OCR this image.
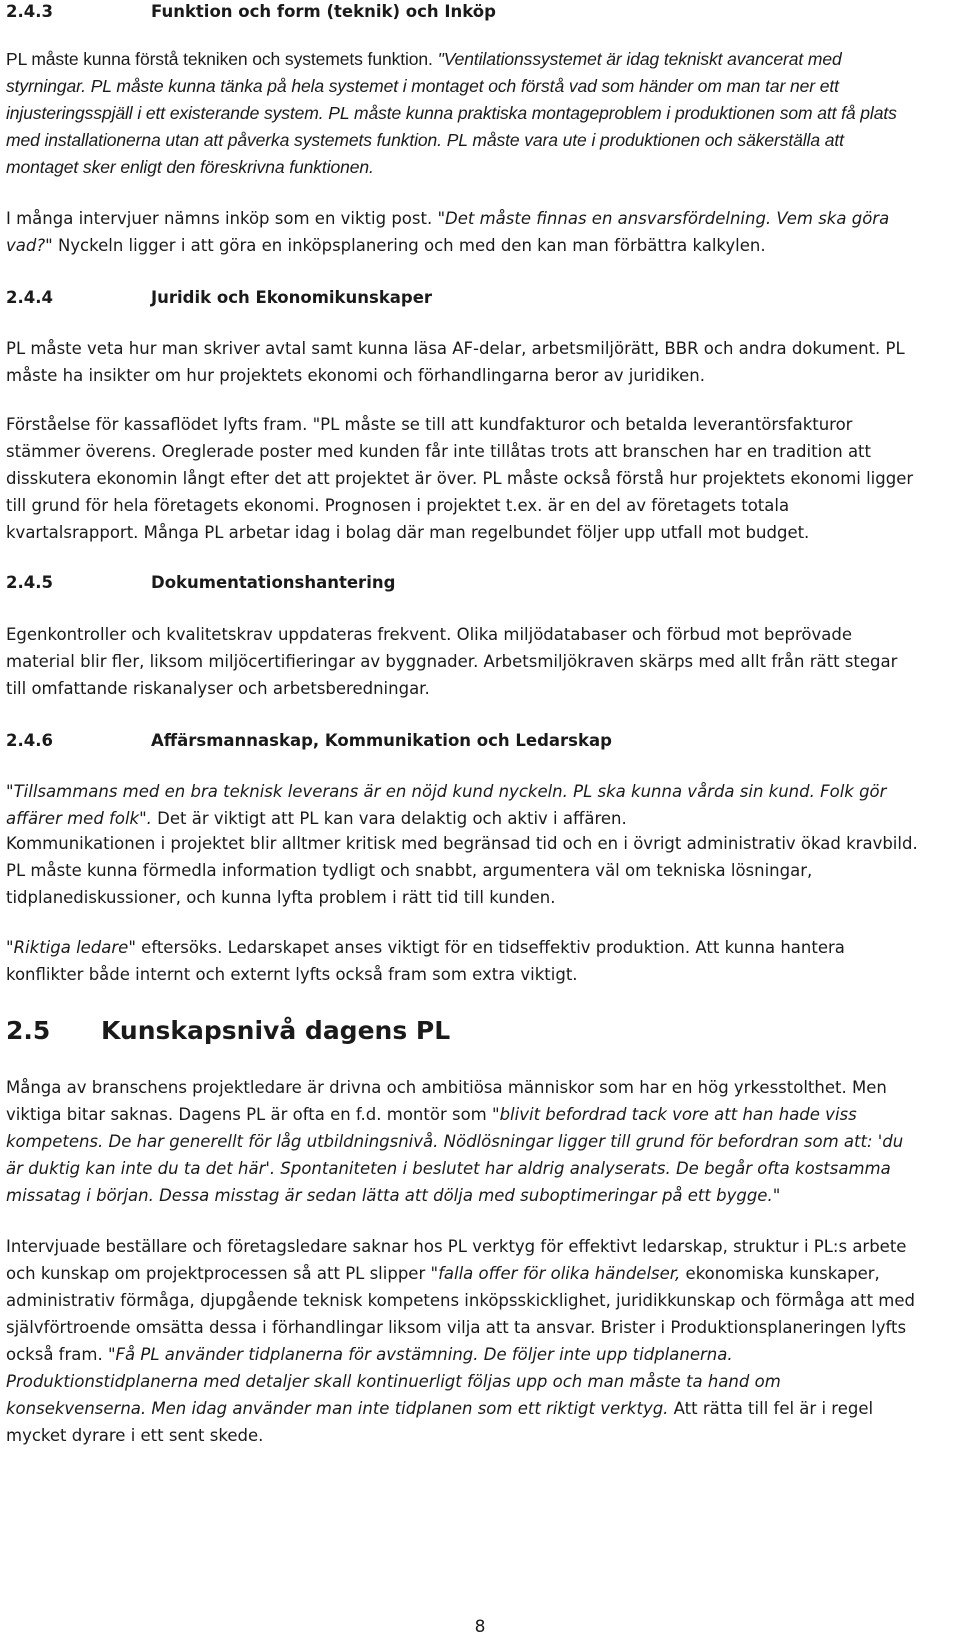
2.4.3	Funktion och form (teknik) och Inköp

PL måste kunna förstå tekniken och systemets funktion. "Ventilationssystemet är idag tekniskt avancerat med styrningar. PL måste kunna tänka på hela systemet i montaget och förstå vad som händer om man tar ner ett injusteringsspjäll i ett existerande system. PL måste kunna praktiska montageproblem i produktionen som att få plats med installationerna utan att påverka systemets funktion. PL måste vara ute i produktionen och säkerställa att montaget sker enligt den föreskrivna funktionen.

I många intervjuer nämns inköp som en viktig post. "Det måste finnas en ansvarsfördelning. Vem ska göra vad?" Nyckeln ligger i att göra en inköpsplanering och med den kan man förbättra kalkylen.

2.4.4	Juridik och Ekonomikunskaper

PL måste veta hur man skriver avtal samt kunna läsa AF-delar, arbetsmiljörätt, BBR och andra dokument. PL måste ha insikter om hur projektets ekonomi och förhandlingarna beror av juridiken.

Förståelse för kassaflödet lyfts fram. "PL måste se till att kundfakturor och betalda leverantörsfakturor stämmer överens. Oreglerade poster med kunden får inte tillåtas trots att branschen har en tradition att disskutera ekonomin långt efter det att projektet är över. PL måste också förstå hur projektets ekonomi ligger till grund för hela företagets ekonomi. Prognosen i projektet t.ex. är en del av företagets totala kvartalsrapport. Många PL arbetar idag i bolag där man regelbundet följer upp utfall mot budget.

2.4.5	Dokumentationshantering

Egenkontroller och kvalitetskrav uppdateras frekvent. Olika miljödatabaser och förbud mot beprövade material blir fler, liksom miljöcertifieringar av byggnader. Arbetsmiljökraven skärps med allt från rätt stegar till omfattande riskanalyser och arbetsberedningar.

2.4.6	Affärsmannaskap, Kommunikation och Ledarskap

"Tillsammans med en bra teknisk leverans är en nöjd kund nyckeln. PL ska kunna vårda sin kund. Folk gör affärer med folk". Det är viktigt att PL kan vara delaktig och aktiv i affären.

Kommunikationen i projektet blir alltmer kritisk med begränsad tid och en i övrigt administrativ ökad kravbild. PL måste kunna förmedla information tydligt och snabbt, argumentera väl om tekniska lösningar, tidplanediskussioner, och kunna lyfta problem i rätt tid till kunden.

"Riktiga ledare" eftersöks. Ledarskapet anses viktigt för en tidseffektiv produktion. Att kunna hantera konflikter både internt och externt lyfts också fram som extra viktigt.

2.5	Kunskapsnivå dagens PL

Många av branschens projektledare är drivna och ambitiösa människor som har en hög yrkesstolthet. Men viktiga bitar saknas. Dagens PL är ofta en f.d. montör som "blivit befordrad tack vore att han hade viss kompetens. De har generellt för låg utbildningsnivå. Nödlösningar ligger till grund för befordran som att: 'du är duktig kan inte du ta det här'. Spontaniteten i beslutet har aldrig analyserats. De begår ofta kostsamma missatag i början. Dessa misstag är sedan lätta att dölja med suboptimeringar på ett bygge."

Intervjuade beställare och företagsledare saknar hos PL verktyg för effektivt ledarskap, struktur i PL:s arbete och kunskap om projektprocessen så att PL slipper "falla offer för olika händelser, ekonomiska kunskaper, administrativ förmåga, djupgående teknisk kompetens inköpsskicklighet, juridikkunskap och förmåga att med självförtroende omsätta dessa i förhandlingar liksom vilja att ta ansvar. Brister i Produktionsplaneringen lyfts också fram. "Få PL använder tidplanerna för avstämning. De följer inte upp tidplanerna. Produktionstidplanerna med detaljer skall kontinuerligt följas upp och man måste ta hand om konsekvenserna. Men idag använder man inte tidplanen som ett riktigt verktyg. Att rätta till fel är i regel mycket dyrare i ett sent skede.

8
